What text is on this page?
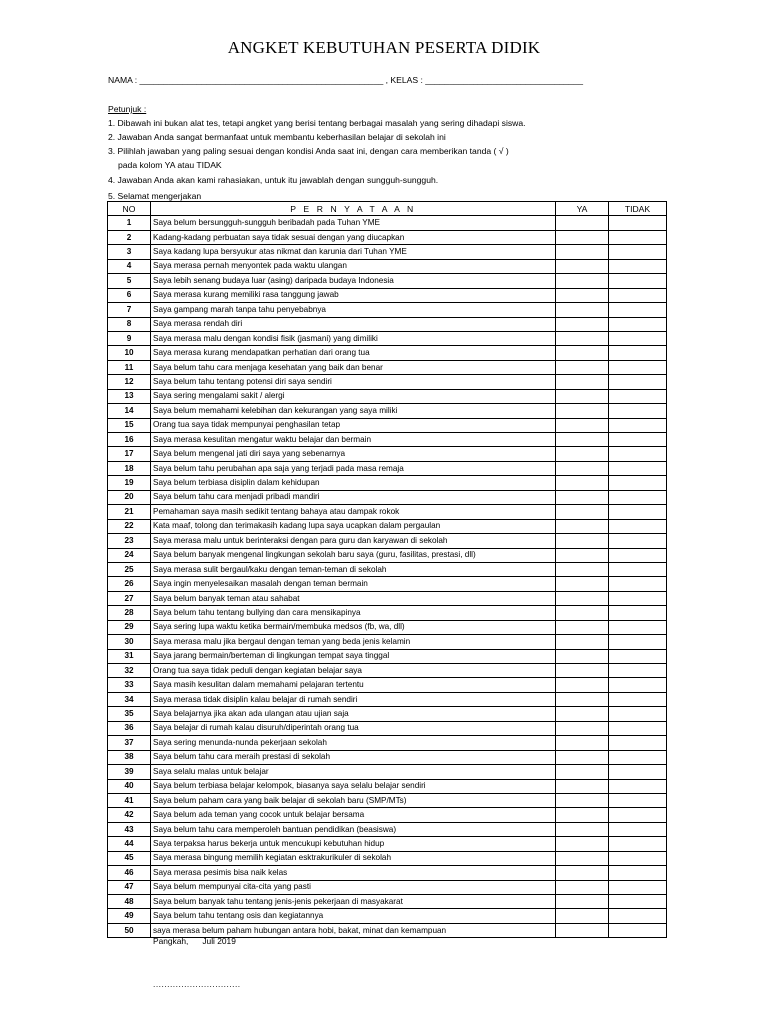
ANGKET KEBUTUHAN PESERTA DIDIK
NAMA : ___________________________________________________ , KELAS : _________________________________
Petunjuk :
1. Dibawah ini bukan alat tes, tetapi angket yang berisi tentang berbagai masalah yang sering dihadapi siswa.
2. Jawaban Anda sangat bermanfaat untuk membantu keberhasilan belajar di sekolah ini
3. Pilihlah jawaban yang paling sesuai dengan kondisi Anda saat ini, dengan cara memberikan tanda ( √ )
pada kolom YA atau TIDAK
4. Jawaban Anda akan kami rahasiakan, untuk itu jawablah dengan sungguh-sungguh.
5. Selamat mengerjakan
NO	P E R N Y A T A A N	YA	TIDAK
1	Saya belum bersungguh-sungguh beribadah pada Tuhan YME		
2	Kadang-kadang perbuatan saya tidak sesuai dengan yang diucapkan		
3	Saya kadang lupa bersyukur atas nikmat dan karunia dari Tuhan YME		
4	Saya merasa pernah menyontek pada waktu ulangan		
5	Saya lebih senang budaya luar (asing) daripada budaya Indonesia		
6	Saya merasa kurang memiliki rasa tanggung jawab		
7	Saya gampang marah tanpa tahu penyebabnya		
8	Saya merasa rendah diri		
9	Saya merasa malu dengan kondisi fisik (jasmani) yang dimiliki		
10	Saya merasa kurang mendapatkan perhatian dari orang tua		
11	Saya belum tahu cara menjaga kesehatan yang baik dan benar		
12	Saya belum tahu tentang potensi diri saya sendiri		
13	Saya sering mengalami sakit / alergi		
14	Saya belum memahami kelebihan dan kekurangan yang saya miliki		
15	Orang tua saya tidak mempunyai penghasilan tetap		
16	Saya merasa kesulitan mengatur waktu belajar dan bermain		
17	Saya belum mengenal jati diri saya yang sebenarnya		
18	Saya belum tahu perubahan apa saja yang terjadi pada masa remaja		
19	Saya belum terbiasa disiplin dalam kehidupan		
20	Saya belum tahu cara menjadi pribadi mandiri		
21	Pemahaman saya masih sedikit tentang bahaya atau dampak rokok		
22	Kata maaf, tolong dan terimakasih kadang lupa saya ucapkan dalam pergaulan		
23	Saya merasa malu untuk berinteraksi dengan para guru dan karyawan di sekolah		
24	Saya belum banyak mengenal lingkungan sekolah baru saya (guru, fasilitas, prestasi, dll)		
25	Saya merasa sulit bergaul/kaku dengan teman-teman di sekolah		
26	Saya ingin menyelesaikan masalah dengan teman bermain		
27	Saya belum banyak teman atau sahabat		
28	Saya belum tahu tentang bullying dan cara mensikapinya		
29	Saya sering lupa waktu ketika bermain/membuka medsos (fb, wa, dll)		
30	Saya merasa malu jika bergaul dengan teman yang beda jenis kelamin		
31	Saya jarang bermain/berteman di lingkungan tempat saya tinggal		
32	Orang tua saya tidak peduli dengan kegiatan belajar saya		
33	Saya masih kesulitan dalam memahami pelajaran tertentu		
34	Saya merasa tidak disiplin kalau belajar di rumah sendiri		
35	Saya belajarnya jika akan ada ulangan atau ujian saja		
36	Saya belajar di rumah kalau disuruh/diperintah orang tua		
37	Saya sering menunda-nunda pekerjaan sekolah		
38	Saya belum tahu cara meraih prestasi di sekolah		
39	Saya selalu malas untuk belajar		
40	Saya belum terbiasa belajar kelompok, biasanya saya selalu belajar sendiri		
41	Saya belum paham cara yang baik belajar di sekolah baru (SMP/MTs)		
42	Saya belum ada teman yang cocok untuk belajar bersama		
43	Saya belum tahu cara memperoleh bantuan pendidikan (beasiswa)		
44	Saya terpaksa harus bekerja untuk mencukupi kebutuhan hidup		
45	Saya merasa bingung memilih kegiatan esktrakurikuler di sekolah		
46	Saya merasa pesimis bisa naik kelas		
47	Saya belum mempunyai cita-cita yang pasti		
48	Saya belum banyak tahu tentang jenis-jenis pekerjaan di masyakarat		
49	Saya belum tahu tentang osis dan kegiatannya		
50	saya merasa belum paham hubungan antara hobi, bakat, minat dan kemampuan		
Pangkah,      Juli 2019
...............................
